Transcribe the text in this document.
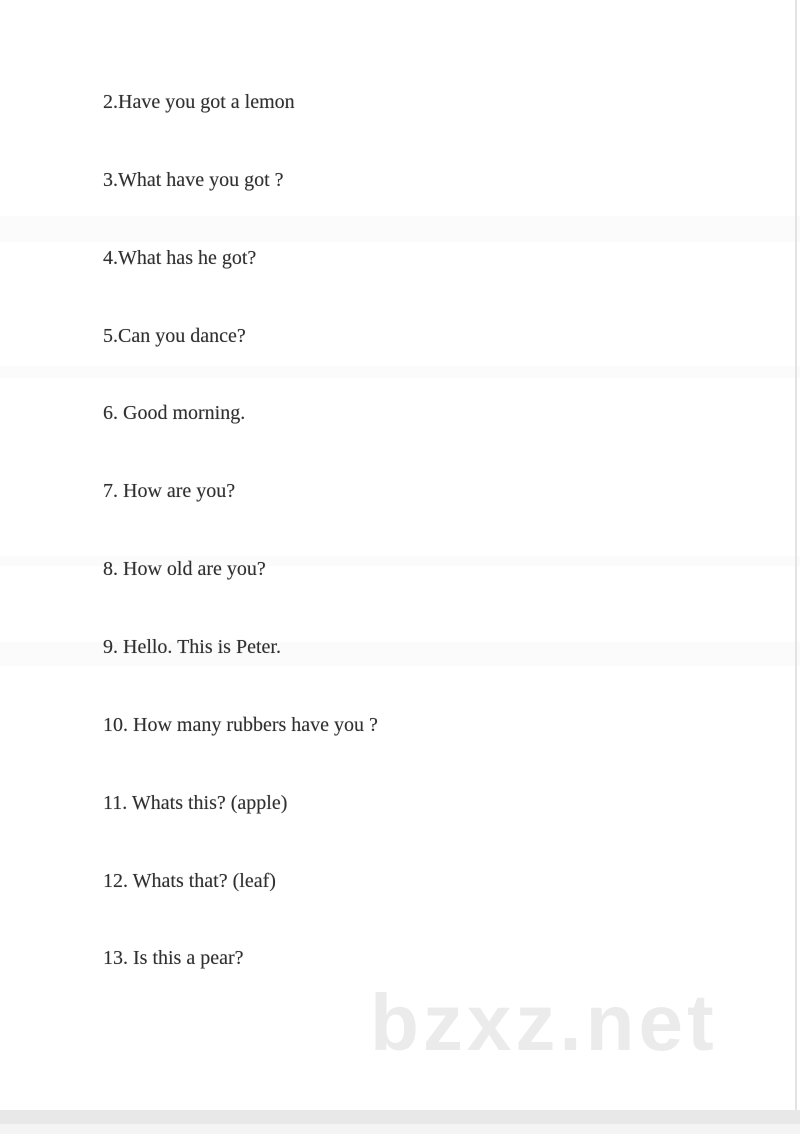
2.Have you got a lemon
3.What have you got ?
4.What has he got?
5.Can you dance?
6. Good morning.
7. How are you?
8. How old are you?
9. Hello. This is Peter.
10. How many rubbers have you ?
11. Whats this? (apple)
12. Whats that? (leaf)
13. Is this a pear?
bzxz.net
